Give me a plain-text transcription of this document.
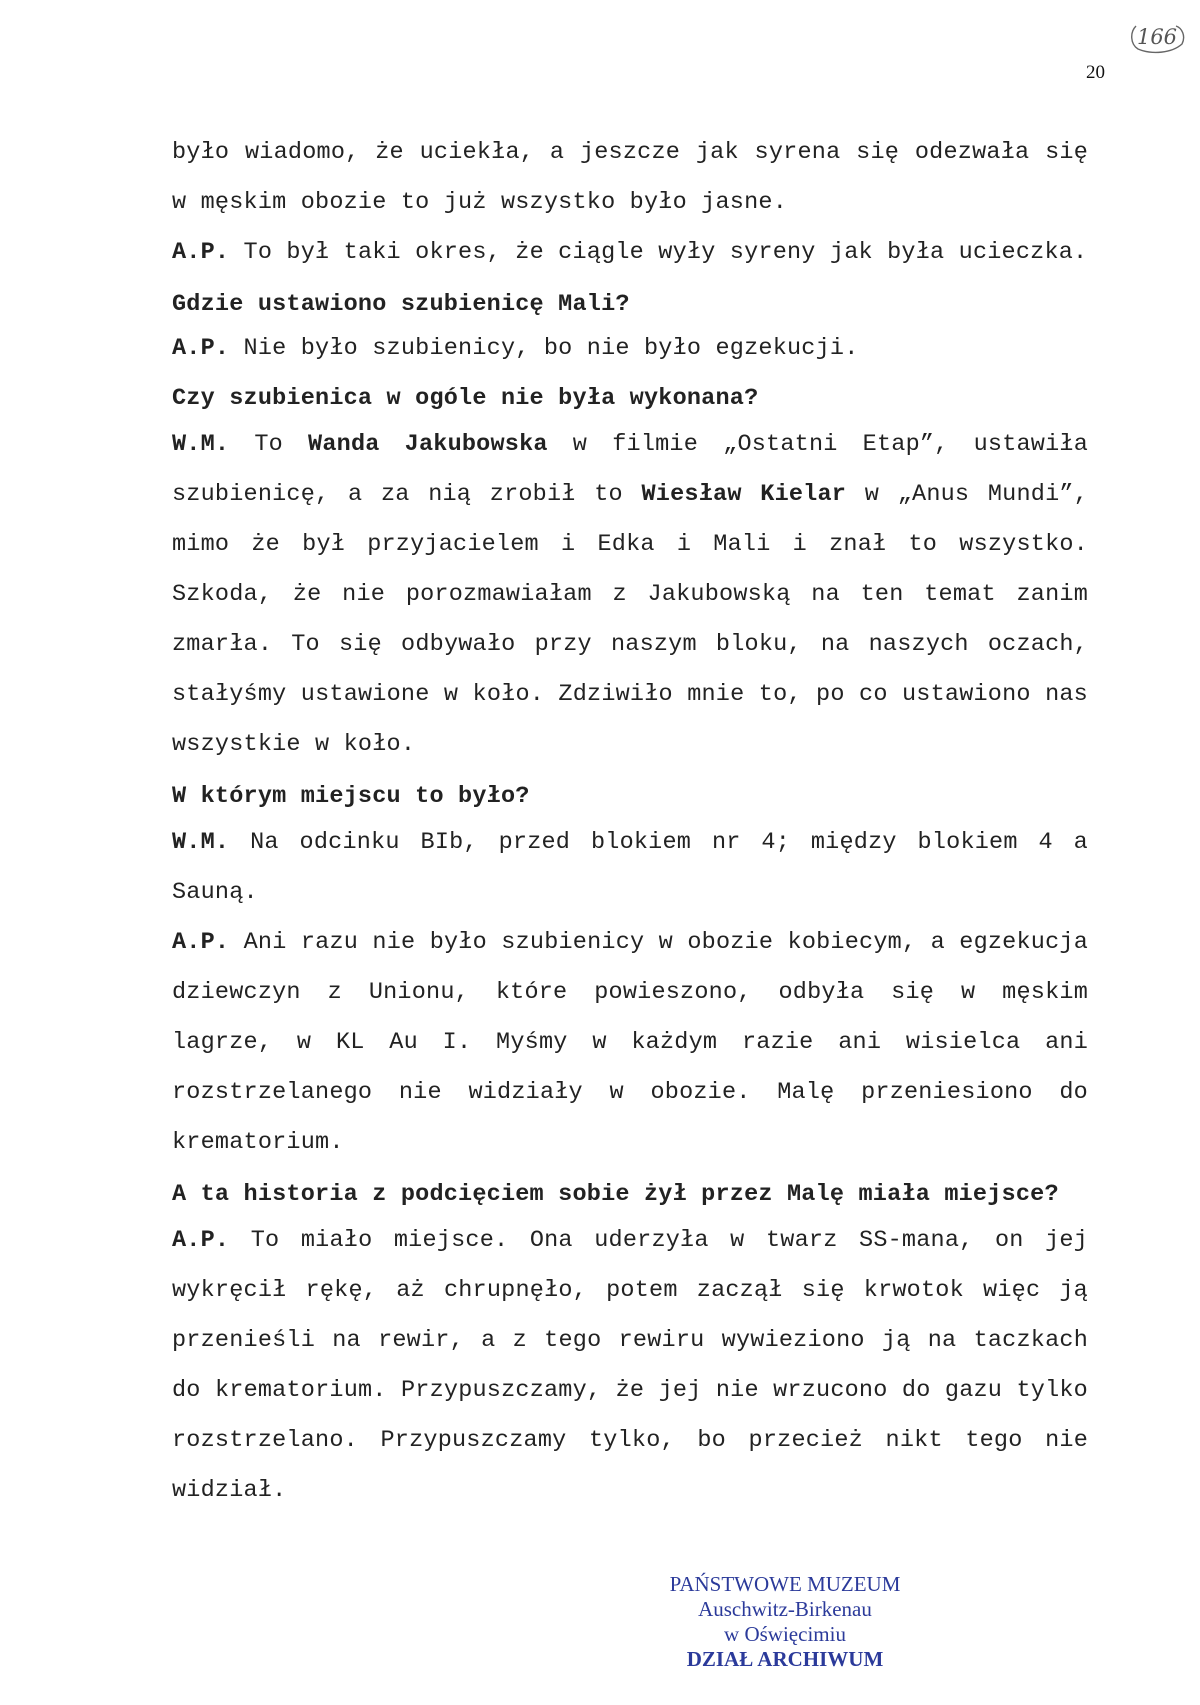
166
20

było wiadomo, że uciekła, a jeszcze jak syrena się odezwała się w męskim obozie to już wszystko było jasne.

A.P. To był taki okres, że ciągle wyły syreny jak była ucieczka.

Gdzie ustawiono szubienicę Mali?

A.P. Nie było szubienicy, bo nie było egzekucji.

Czy szubienica w ogóle nie była wykonana?

W.M. To Wanda Jakubowska w filmie „Ostatni Etap”, ustawiła szubienicę, a za nią zrobił to Wiesław Kielar w „Anus Mundi”, mimo że był przyjacielem i Edka i Mali i znał to wszystko. Szkoda, że nie porozmawiałam z Jakubowską na ten temat zanim zmarła. To się odbywało przy naszym bloku, na naszych oczach, stałyśmy ustawione w koło. Zdziwiło mnie to, po co ustawiono nas wszystkie w koło.

W którym miejscu to było?

W.M. Na odcinku BIb, przed blokiem nr 4; między blokiem 4 a Sauną.

A.P. Ani razu nie było szubienicy w obozie kobiecym, a egzekucja dziewczyn z Unionu, które powieszono, odbyła się w męskim lagrze, w KL Au I. Myśmy w każdym razie ani wisielca ani rozstrzelanego nie widziały w obozie. Malę przeniesiono do krematorium.

A ta historia z podcięciem sobie żył przez Malę miała miejsce?

A.P. To miało miejsce. Ona uderzyła w twarz SS-mana, on jej wykręcił rękę, aż chrupnęło, potem zaczął się krwotok więc ją przenieśli na rewir, a z tego rewiru wywieziono ją na taczkach do krematorium. Przypuszczamy, że jej nie wrzucono do gazu tylko rozstrzelano. Przypuszczamy tylko, bo przecież nikt tego nie widział.

PAŃSTWOWE MUZEUM
Auschwitz-Birkenau
w Oświęcimiu
DZIAŁ ARCHIWUM
